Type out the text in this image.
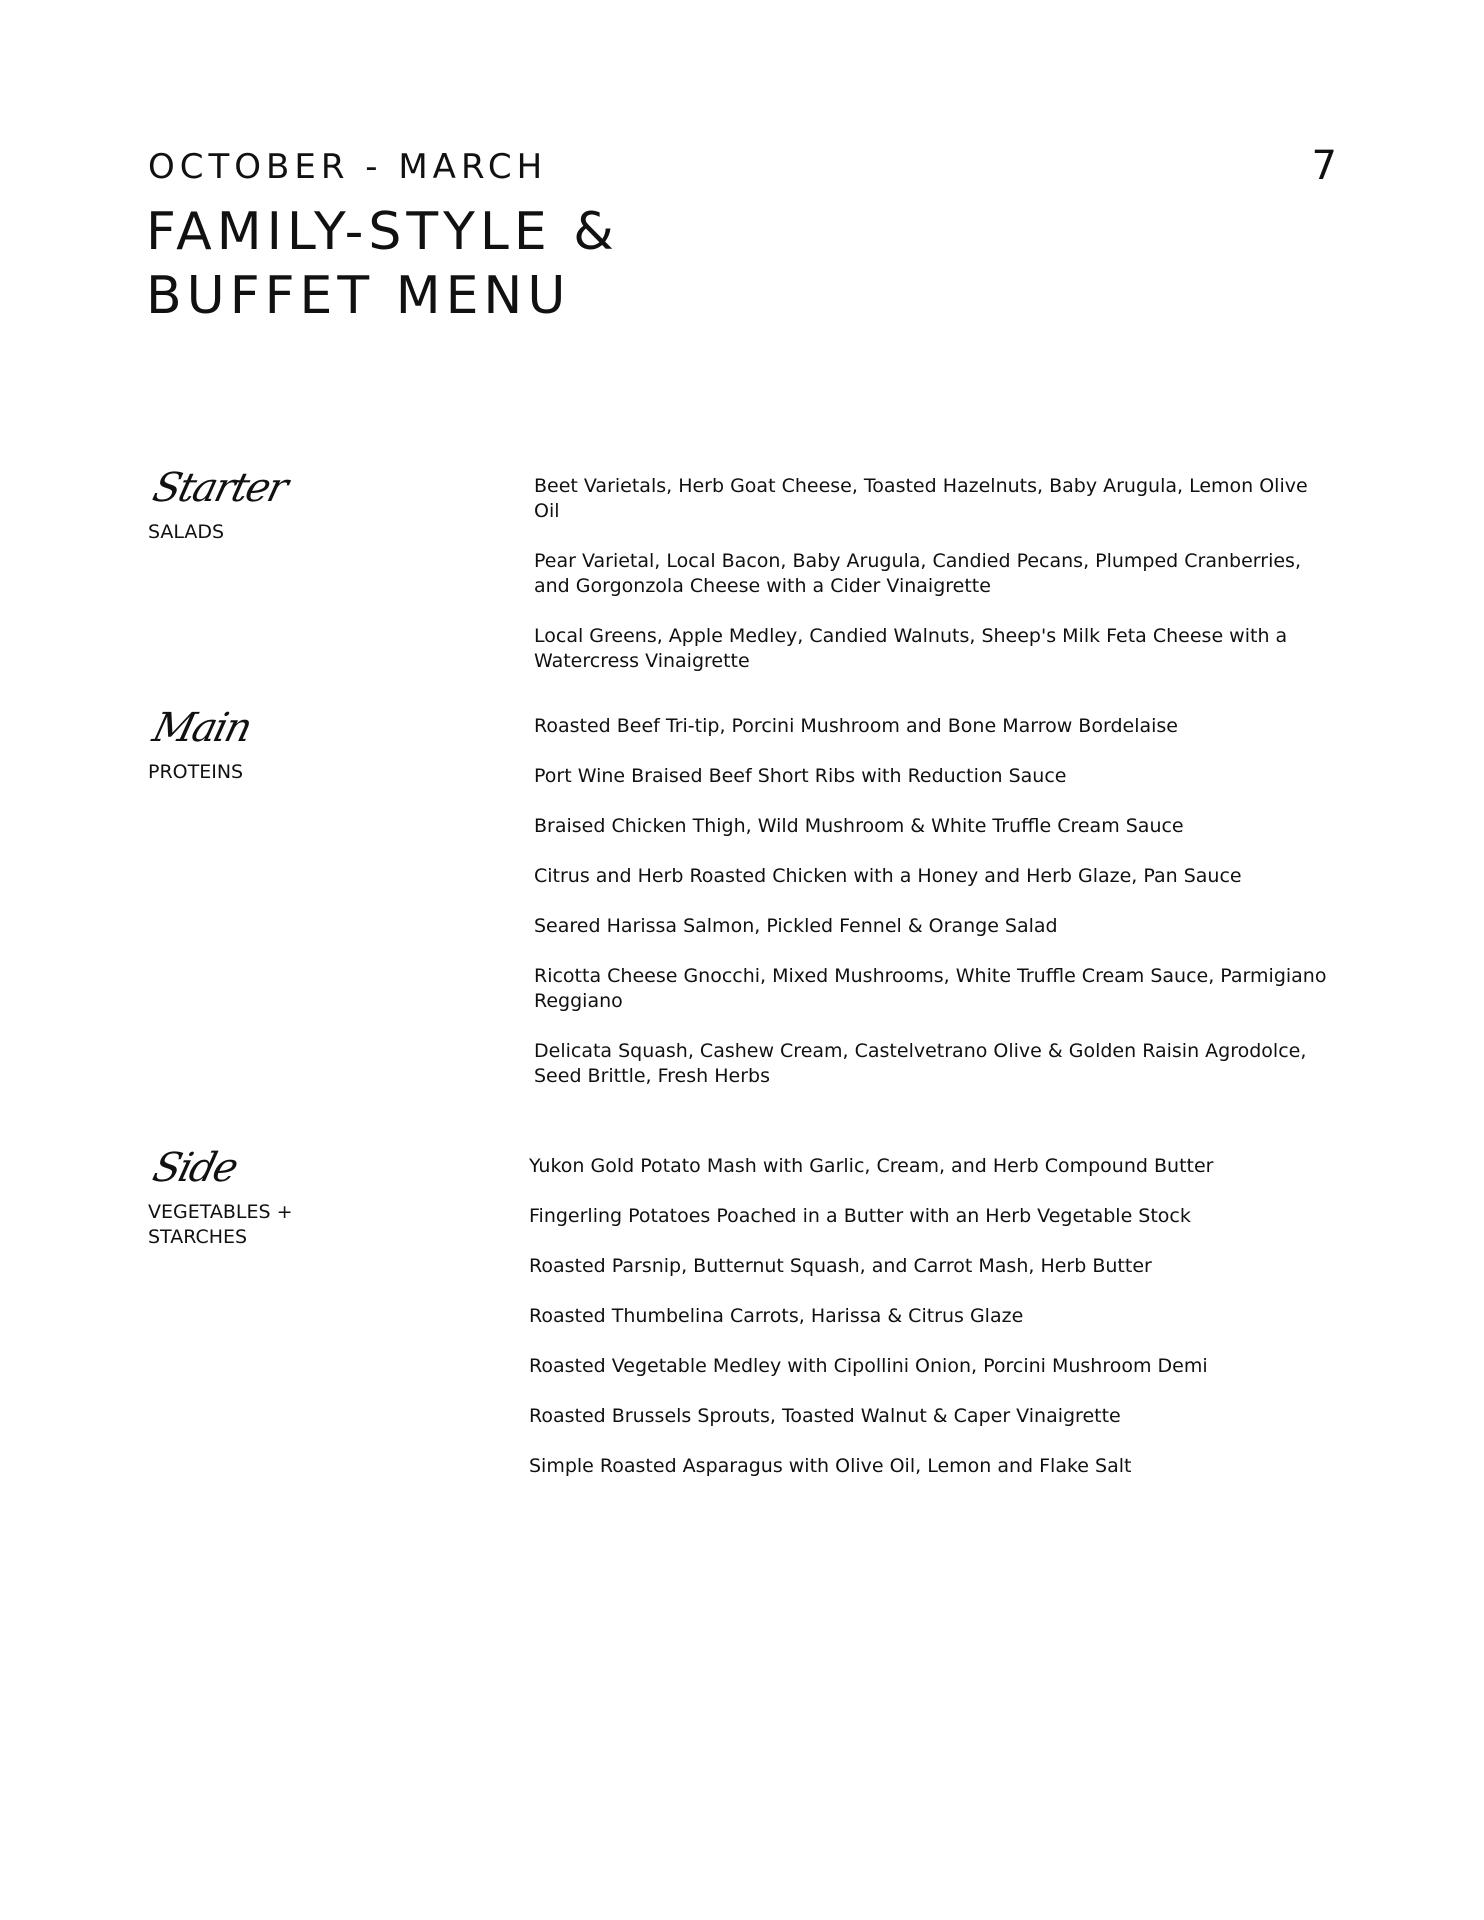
OCTOBER - MARCH	7

FAMILY-STYLE &
BUFFET MENU
Starter
SALADS
Beet Varietals, Herb Goat Cheese, Toasted Hazelnuts, Baby Arugula, Lemon Olive Oil
Pear Varietal, Local Bacon, Baby Arugula, Candied Pecans, Plumped Cranberries, and Gorgonzola Cheese with a Cider Vinaigrette
Local Greens, Apple Medley, Candied Walnuts, Sheep's Milk Feta Cheese with a Watercress Vinaigrette
Main
PROTEINS
Roasted Beef Tri-tip, Porcini Mushroom and Bone Marrow Bordelaise
Port Wine Braised Beef Short Ribs with Reduction Sauce
Braised Chicken Thigh, Wild Mushroom & White Truffle Cream Sauce
Citrus and Herb Roasted Chicken with a Honey and Herb Glaze, Pan Sauce
Seared Harissa Salmon, Pickled Fennel & Orange Salad
Ricotta Cheese Gnocchi, Mixed Mushrooms, White Truffle Cream Sauce, Parmigiano Reggiano
Delicata Squash, Cashew Cream, Castelvetrano Olive & Golden Raisin Agrodolce, Seed Brittle, Fresh Herbs
Side
VEGETABLES + STARCHES
Yukon Gold Potato Mash with Garlic, Cream, and Herb Compound Butter
Fingerling Potatoes Poached in a Butter with an Herb Vegetable Stock
Roasted Parsnip, Butternut Squash, and Carrot Mash, Herb Butter
Roasted Thumbelina Carrots, Harissa & Citrus Glaze
Roasted Vegetable Medley with Cipollini Onion, Porcini Mushroom Demi
Roasted Brussels Sprouts, Toasted Walnut & Caper Vinaigrette
Simple Roasted Asparagus with Olive Oil, Lemon and Flake Salt
